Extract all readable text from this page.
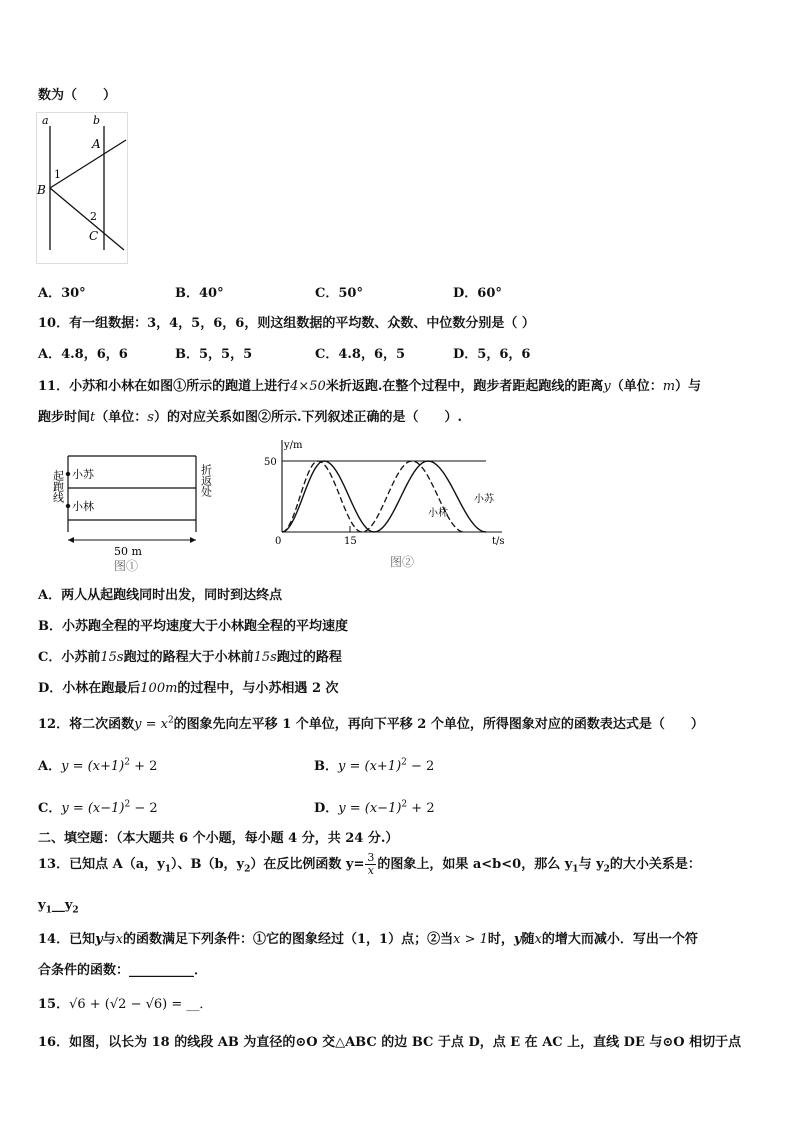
数为（　　）
a	b
A
1
B
2
C
A．30°	B．40°	C．50°	D．60°
10．有一组数据：3，4，5，6，6，则这组数据的平均数、众数、中位数分别是（ ）
A．4.8，6，6	B．5，5，5	C．4.8，6，5	D．5，6，6
11．小苏和小林在如图①所示的跑道上进行4×50米折返跑.在整个过程中，跑步者距起跑线的距离y（单位：m）与
跑步时间t（单位：s）的对应关系如图②所示.下列叙述正确的是（　　）.
小苏
小林
起跑线	折返处
50 m
图①
y/m
t/s
50
15
0
小苏
小林
图②
A．两人从起跑线同时出发，同时到达终点
B．小苏跑全程的平均速度大于小林跑全程的平均速度
C．小苏前15s跑过的路程大于小林前15s跑过的路程
D．小林在跑最后100m的过程中，与小苏相遇 2 次
12．将二次函数$y = x^2$的图象先向左平移 1 个单位，再向下平移 2 个单位，所得图象对应的函数表达式是（　　）
A．$y = (x+1)^2 + 2$	B．$y = (x+1)^2 - 2$
C．$y = (x-1)^2 - 2$	D．$y = (x-1)^2 + 2$
二、填空题：（本大题共 6 个小题，每小题 4 分，共 24 分.）
13．已知点 A（a，$y_1$）、B（b，$y_2$）在反比例函数 $y= \frac{3}{x}$ 的图象上，如果 a<b<0，那么 $y_1$与 $y_2$的大小关系是：
$y_1\_\_y_2$
14．已知y与x的函数满足下列条件：①它的图象经过（1，1）点；②当x > 1时，y随x的增大而减小．写出一个符
合条件的函数：__________．
15．√6 + (√2 − √6) = __．
16．如图，以长为 18 的线段 AB 为直径的⊙O 交△ABC 的边 BC 于点 D，点 E 在 AC 上，直线 DE 与⊙O 相切于点
